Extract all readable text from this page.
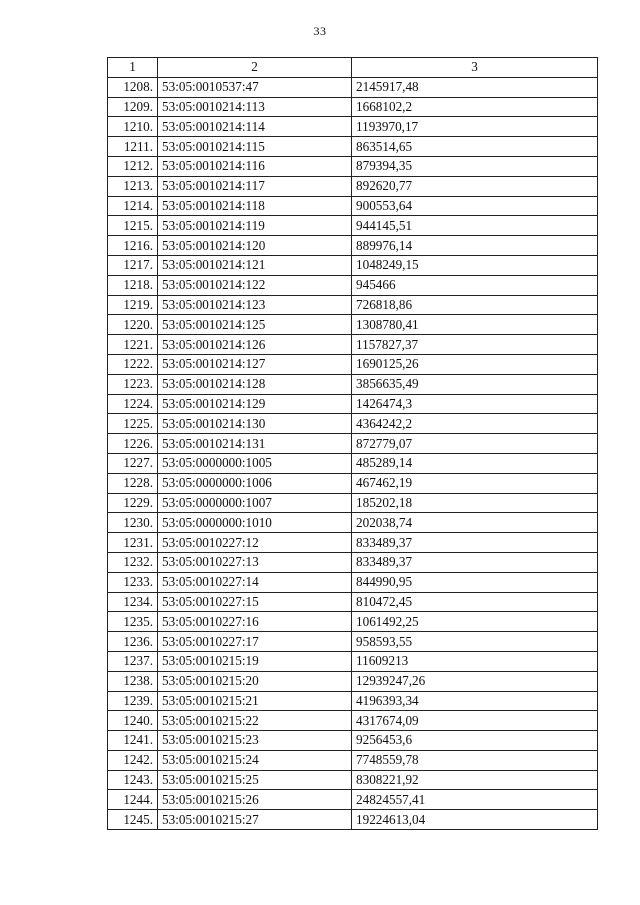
33
1	2	3
1208.	53:05:0010537:47	2145917,48
1209.	53:05:0010214:113	1668102,2
1210.	53:05:0010214:114	1193970,17
1211.	53:05:0010214:115	863514,65
1212.	53:05:0010214:116	879394,35
1213.	53:05:0010214:117	892620,77
1214.	53:05:0010214:118	900553,64
1215.	53:05:0010214:119	944145,51
1216.	53:05:0010214:120	889976,14
1217.	53:05:0010214:121	1048249,15
1218.	53:05:0010214:122	945466
1219.	53:05:0010214:123	726818,86
1220.	53:05:0010214:125	1308780,41
1221.	53:05:0010214:126	1157827,37
1222.	53:05:0010214:127	1690125,26
1223.	53:05:0010214:128	3856635,49
1224.	53:05:0010214:129	1426474,3
1225.	53:05:0010214:130	4364242,2
1226.	53:05:0010214:131	872779,07
1227.	53:05:0000000:1005	485289,14
1228.	53:05:0000000:1006	467462,19
1229.	53:05:0000000:1007	185202,18
1230.	53:05:0000000:1010	202038,74
1231.	53:05:0010227:12	833489,37
1232.	53:05:0010227:13	833489,37
1233.	53:05:0010227:14	844990,95
1234.	53:05:0010227:15	810472,45
1235.	53:05:0010227:16	1061492,25
1236.	53:05:0010227:17	958593,55
1237.	53:05:0010215:19	11609213
1238.	53:05:0010215:20	12939247,26
1239.	53:05:0010215:21	4196393,34
1240.	53:05:0010215:22	4317674,09
1241.	53:05:0010215:23	9256453,6
1242.	53:05:0010215:24	7748559,78
1243.	53:05:0010215:25	8308221,92
1244.	53:05:0010215:26	24824557,41
1245.	53:05:0010215:27	19224613,04
